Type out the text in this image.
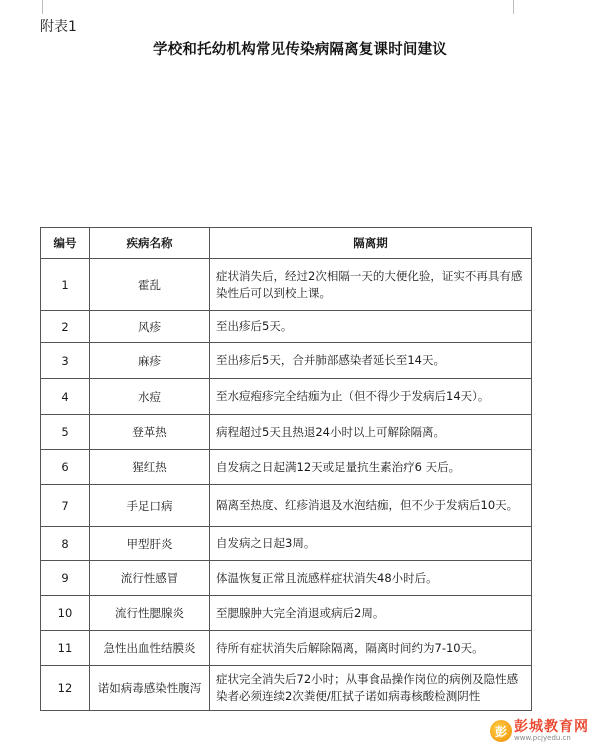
附表1
学校和托幼机构常见传染病隔离复课时间建议
编号	疾病名称	隔离期
1	霍乱	症状消失后，经过2次相隔一天的大便化验，证实不再具有感染性后可以到校上课。
2	风疹	至出疹后5天。
3	麻疹	至出疹后5天，合并肺部感染者延长至14天。
4	水痘	至水痘疱疹完全结痂为止（但不得少于发病后14天）。
5	登革热	病程超过5天且热退24小时以上可解除隔离。
6	猩红热	自发病之日起满12天或足量抗生素治疗6 天后。
7	手足口病	隔离至热度、红疹消退及水泡结痂，但不少于发病后10天。
8	甲型肝炎	自发病之日起3周。
9	流行性感冒	体温恢复正常且流感样症状消失48小时后。
10	流行性腮腺炎	至腮腺肿大完全消退或病后2周。
11	急性出血性结膜炎	待所有症状消失后解除隔离，隔离时间约为7-10天。
12	诺如病毒感染性腹泻	症状完全消失后72小时；从事食品操作岗位的病例及隐性感染者必须连续2次粪便/肛拭子诺如病毒核酸检测阴性
彭 彭城教育网
www.pcjyedu.cn
